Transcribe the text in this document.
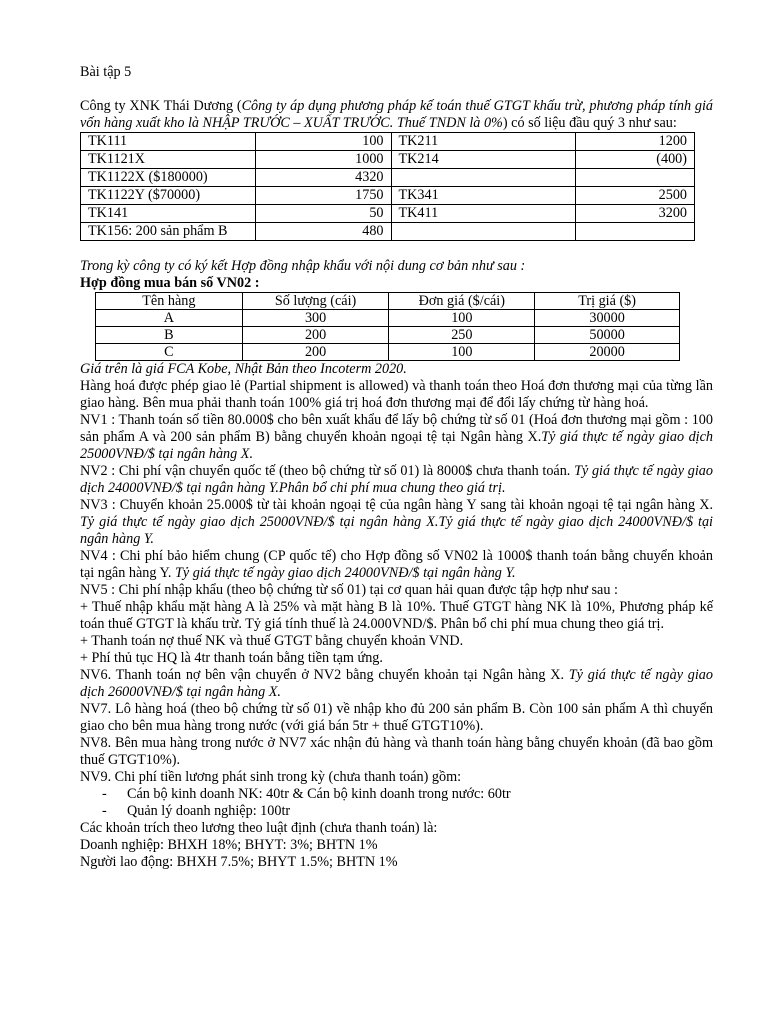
Bài tập 5

Công ty XNK Thái Dương (Công ty áp dụng phương pháp kế toán thuế GTGT khấu trừ, phương pháp tính giá vốn hàng xuất kho là NHẬP TRƯỚC – XUẤT TRƯỚC. Thuế TNDN là 0%) có số liệu đầu quý 3 như sau:

TK111	100	TK211	1200
TK1121X	1000	TK214	(400)
TK1122X ($180000)	4320		
TK1122Y ($70000)	1750	TK341	2500
TK141	50	TK411	3200
TK156: 200 sản phẩm B	480		

Trong kỳ công ty có ký kết Hợp đồng nhập khẩu với nội dung cơ bản như sau :

Hợp đồng mua bán số VN02 :

Tên hàng	Số lượng (cái)	Đơn giá ($/cái)	Trị giá ($)
A	300	100	30000
B	200	250	50000
C	200	100	20000

Giá trên là giá FCA Kobe, Nhật Bản theo Incoterm 2020.

Hàng hoá được phép giao lẻ (Partial shipment is allowed) và thanh toán theo Hoá đơn thương mại của từng lần giao hàng. Bên mua phải thanh toán 100% giá trị hoá đơn thương mại để đổi lấy chứng từ hàng hoá.

NV1 : Thanh toán số tiền 80.000$ cho bên xuất khẩu để lấy bộ chứng từ số 01 (Hoá đơn thương mại gồm : 100 sản phẩm A và 200 sản phẩm B) bằng chuyển khoản ngoại tệ tại Ngân hàng X.Tỷ giá thực tế ngày giao dịch 25000VNĐ/$ tại ngân hàng X.

NV2 : Chi phí vận chuyển quốc tế (theo bộ chứng từ số 01) là 8000$ chưa thanh toán. Tỷ giá thực tế ngày giao dịch 24000VNĐ/$ tại ngân hàng Y.Phân bổ chi phí mua chung theo giá trị.

NV3 : Chuyển khoản 25.000$ từ tài khoản ngoại tệ của ngân hàng Y sang tài khoản ngoại tệ tại ngân hàng X. Tỷ giá thực tế ngày giao dịch 25000VNĐ/$ tại ngân hàng X.Tỷ giá thực tế ngày giao dịch 24000VNĐ/$ tại ngân hàng Y.

NV4 : Chi phí bảo hiểm chung (CP quốc tế) cho Hợp đồng số VN02 là 1000$ thanh toán bằng chuyển khoản tại ngân hàng Y. Tỷ giá thực tế ngày giao dịch 24000VNĐ/$ tại ngân hàng Y.

NV5 : Chi phí nhập khẩu (theo bộ chứng từ số 01) tại cơ quan hải quan được tập hợp như sau :

+ Thuế nhập khẩu mặt hàng A là 25% và mặt hàng B là 10%. Thuế GTGT hàng NK là 10%, Phương pháp kế toán thuế GTGT là khấu trừ. Tỷ giá tính thuế là 24.000VND/$. Phân bổ chi phí mua chung theo giá trị.

+ Thanh toán nợ thuế NK và thuế GTGT bằng chuyển khoản VND.

+ Phí thủ tục HQ là 4tr thanh toán bằng tiền tạm ứng.

NV6. Thanh toán nợ bên vận chuyển ở NV2 bằng chuyển khoản tại Ngân hàng X. Tỷ giá thực tế ngày giao dịch 26000VNĐ/$ tại ngân hàng X.

NV7. Lô hàng hoá (theo bộ chứng từ số 01) về nhập kho đủ 200 sản phẩm B. Còn 100 sản phẩm A thì chuyển giao cho bên mua hàng trong nước (với giá bán 5tr + thuế GTGT10%).

NV8. Bên mua hàng trong nước ở NV7 xác nhận đủ hàng và thanh toán hàng bằng chuyển khoản (đã bao gồm thuế GTGT10%).

NV9. Chi phí tiền lương phát sinh trong kỳ (chưa thanh toán) gồm:

-	Cán bộ kinh doanh NK: 40tr & Cán bộ kinh doanh trong nước: 60tr
-	Quản lý doanh nghiệp: 100tr

Các khoản trích theo lương theo luật định (chưa thanh toán) là:

Doanh nghiệp: BHXH 18%; BHYT: 3%; BHTN 1%

Người lao động: BHXH 7.5%; BHYT 1.5%; BHTN 1%
